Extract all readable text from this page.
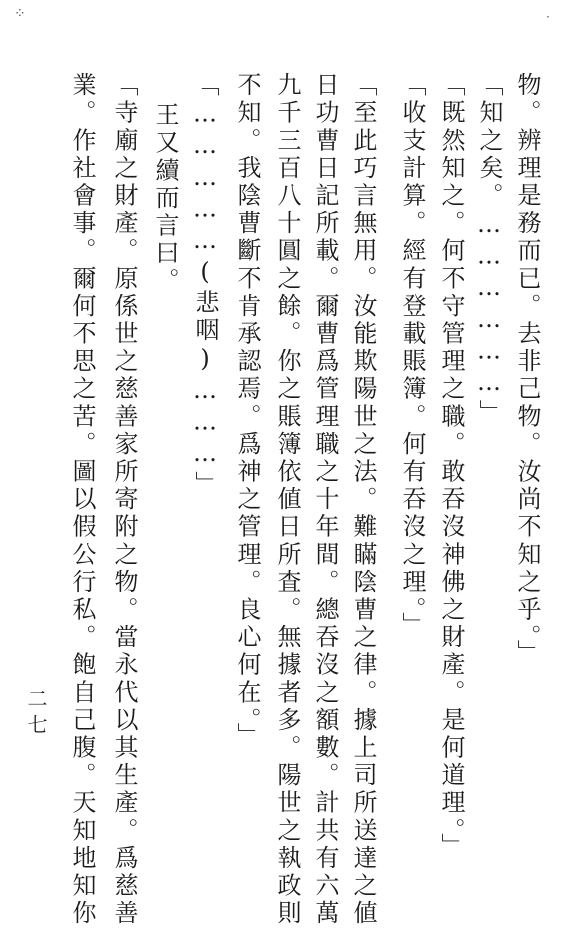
⁘	·
物。辨理是務而已。去非己物。汝尚不知之乎。」
「知之矣。………………」
「既然知之。何不守管理之職。敢吞沒神佛之財產。是何道理。」
「收支計算。經有登載賬簿。何有吞沒之理。」
「至此巧言無用。汝能欺陽世之法。難瞞陰曹之律。據上司所送達之値
日功曹日記所載。爾曹爲管理職之十年間。總吞沒之額數。計共有六萬
九千三百八十圓之餘。你之賬簿依値日所査。無據者多。陽世之執政則
不知。我陰曹斷不肯承認焉。爲神之管理。良心何在。」
「……………(悲咽)………」
王又續而言曰。
「寺廟之財產。原係世之慈善家所寄附之物。當永代以其生產。爲慈善
業。作社會事。爾何不思之苦。圖以假公行私。飽自己腹。天知地知你
二七
